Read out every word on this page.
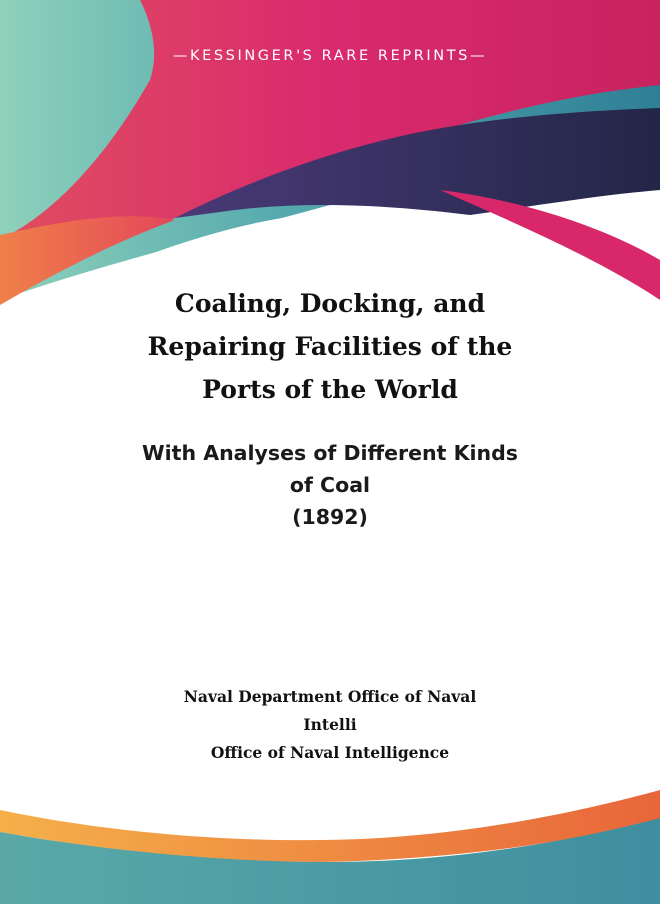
—KESSINGER'S RARE REPRINTS—
Coaling, Docking, and
Repairing Facilities of the
Ports of the World
With Analyses of Different Kinds
of Coal
(1892)
Naval Department Office of Naval
Intelli
Office of Naval Intelligence
